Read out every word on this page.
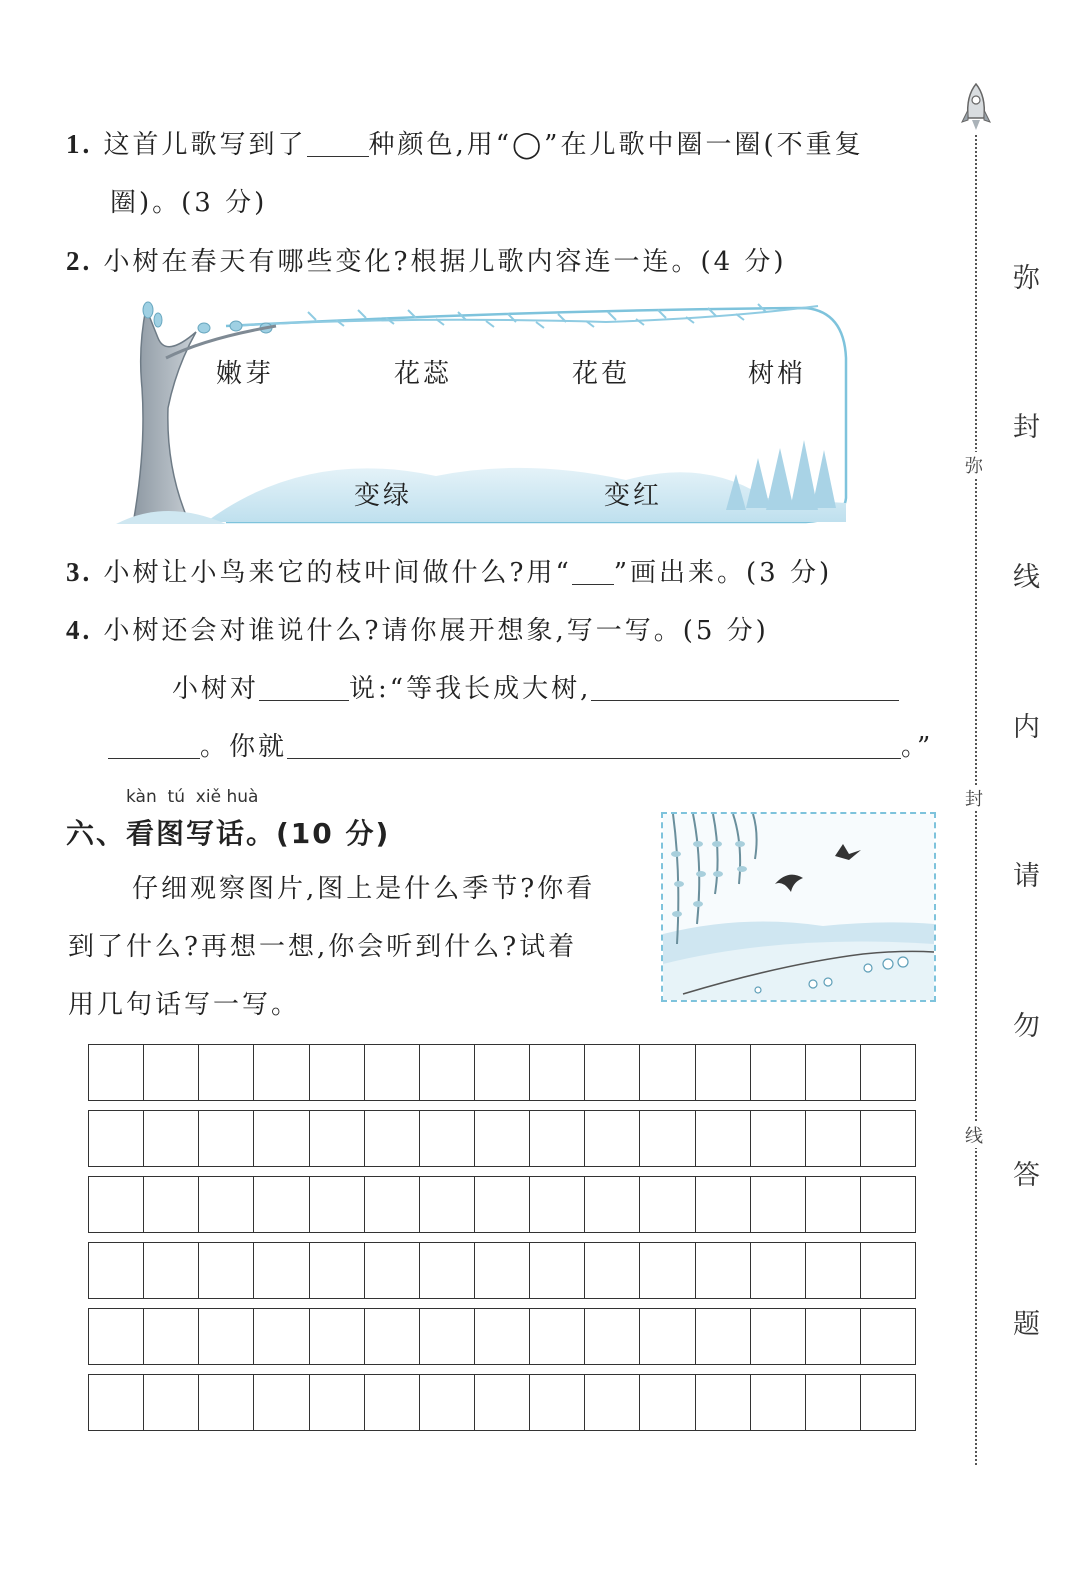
1. 这首儿歌写到了 种颜色,用“◯”在儿歌中圈一圈(不重复
圈)。(3 分)
2. 小树在春天有哪些变化?根据儿歌内容连一连。(4 分)
嫩芽	花蕊	花苞	树梢
变绿	变红
3. 小树让小鸟来它的枝叶间做什么?用“ ”画出来。(3 分)
4. 小树还会对谁说什么?请你展开想象,写一写。(5 分)
小树对	说:“等我长成大树,
。你就	。”
kàn  tú  xiě huà
六、看图写话。(10 分)
仔细观察图片,图上是什么季节?你看
到了什么?再想一想,你会听到什么?试着
用几句话写一写。
弥
封
线
弥
封
线
内
请
勿
答
题
